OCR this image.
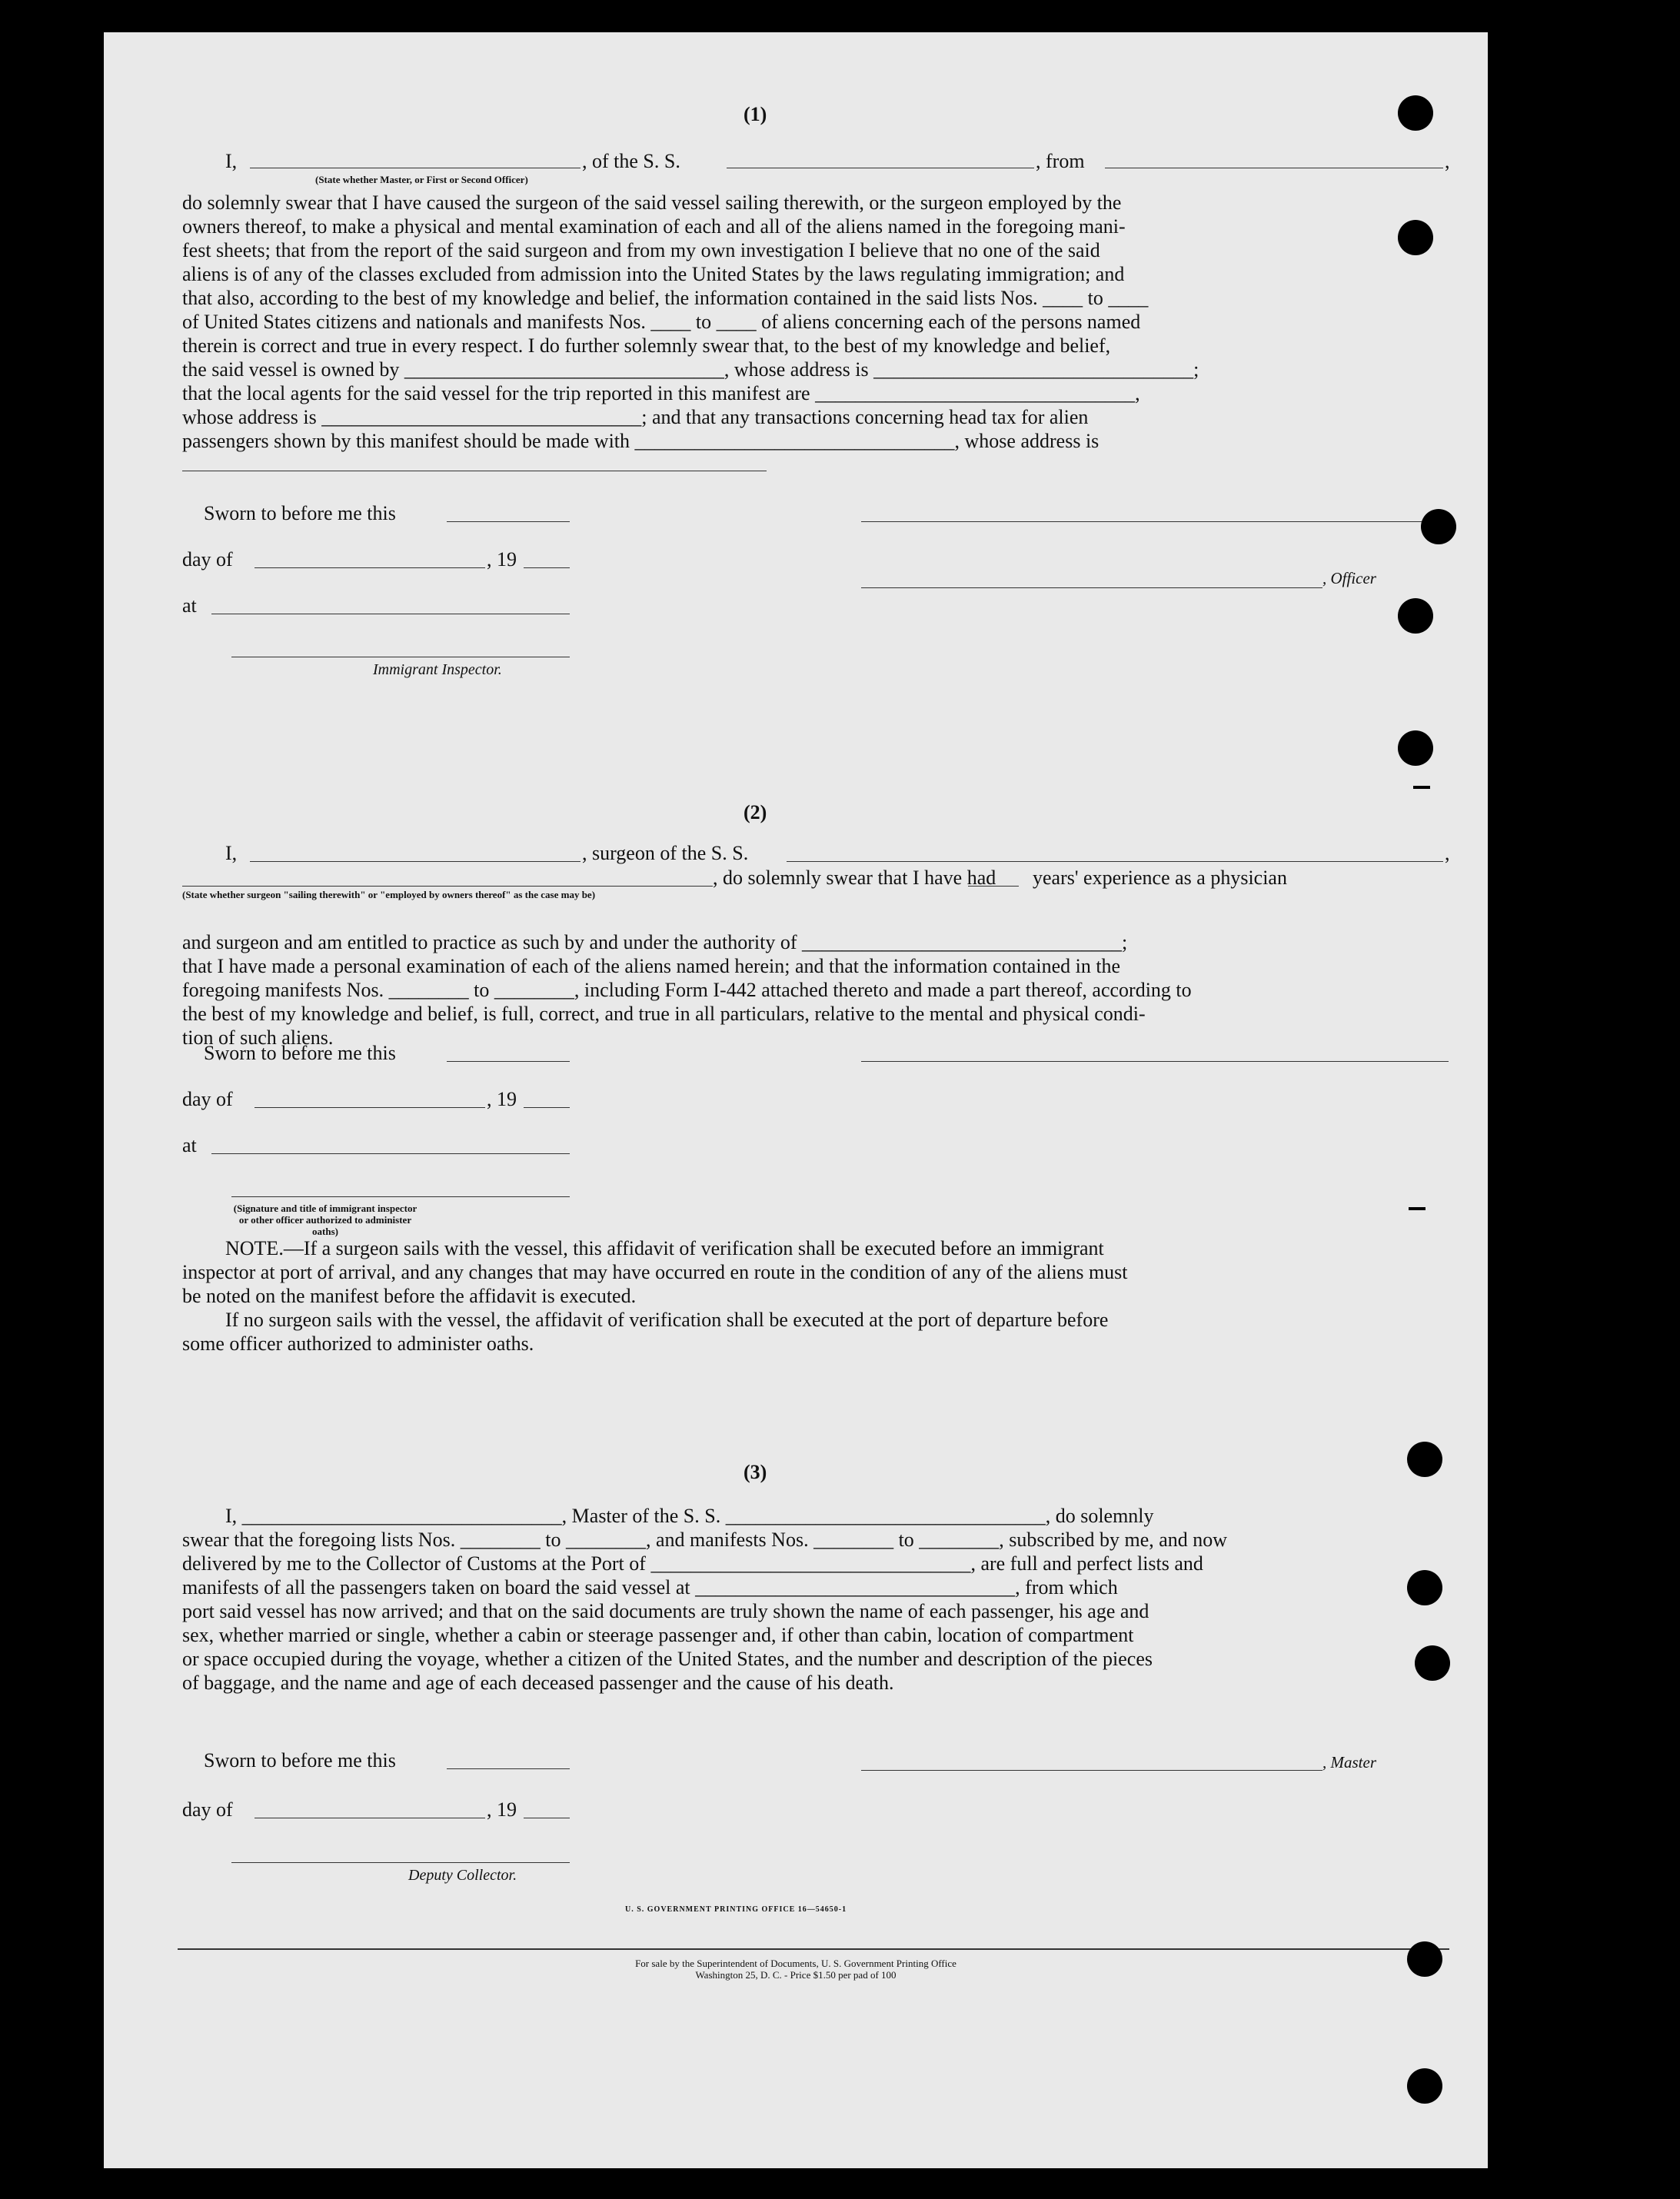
(1)
I,	, of the S. S.	, from	,
(State whether Master, or First or Second Officer)
do solemnly swear that I have caused the surgeon of the said vessel sailing therewith, or the surgeon employed by the
owners thereof, to make a physical and mental examination of each and all of the aliens named in the foregoing mani-
fest sheets; that from the report of the said surgeon and from my own investigation I believe that no one of the said
aliens is of any of the classes excluded from admission into the United States by the laws regulating immigration; and
that also, according to the best of my knowledge and belief, the information contained in the said lists Nos. ____ to ____
of United States citizens and nationals and manifests Nos. ____ to ____ of aliens concerning each of the persons named
therein is correct and true in every respect. I do further solemnly swear that, to the best of my knowledge and belief,
the said vessel is owned by ________________________________, whose address is ________________________________;
that the local agents for the said vessel for the trip reported in this manifest are ________________________________,
whose address is ________________________________; and that any transactions concerning head tax for alien
passengers shown by this manifest should be made with ________________________________, whose address is
Sworn to before me this
day of	, 19
, Officer
at
Immigrant Inspector.
(2)
I,	, surgeon of the S. S.	,
, do solemnly swear that I have had years' experience as a physician
(State whether surgeon "sailing therewith" or "employed by owners thereof" as the case may be)
and surgeon and am entitled to practice as such by and under the authority of ________________________________;
that I have made a personal examination of each of the aliens named herein; and that the information contained in the
foregoing manifests Nos. ________ to ________, including Form I-442 attached thereto and made a part thereof, according to
the best of my knowledge and belief, is full, correct, and true in all particulars, relative to the mental and physical condi-
tion of such aliens.
Sworn to before me this
day of	, 19
at
(Signature and title of immigrant inspector or other officer authorized to administer oaths)
NOTE.—If a surgeon sails with the vessel, this affidavit of verification shall be executed before an immigrant
inspector at port of arrival, and any changes that may have occurred en route in the condition of any of the aliens must
be noted on the manifest before the affidavit is executed.
If no surgeon sails with the vessel, the affidavit of verification shall be executed at the port of departure before
some officer authorized to administer oaths.
(3)
I, ________________________________, Master of the S. S. ________________________________, do solemnly
swear that the foregoing lists Nos. ________ to ________, and manifests Nos. ________ to ________, subscribed by me, and now
delivered by me to the Collector of Customs at the Port of ________________________________, are full and perfect lists and
manifests of all the passengers taken on board the said vessel at ________________________________, from which
port said vessel has now arrived; and that on the said documents are truly shown the name of each passenger, his age and
sex, whether married or single, whether a cabin or steerage passenger and, if other than cabin, location of compartment
or space occupied during the voyage, whether a citizen of the United States, and the number and description of the pieces
of baggage, and the name and age of each deceased passenger and the cause of his death.
Sworn to before me this	, Master
day of	, 19
Deputy Collector.
U. S. GOVERNMENT PRINTING OFFICE 16—54650-1
For sale by the Superintendent of Documents, U. S. Government Printing Office
Washington 25, D. C. - Price $1.50 per pad of 100
